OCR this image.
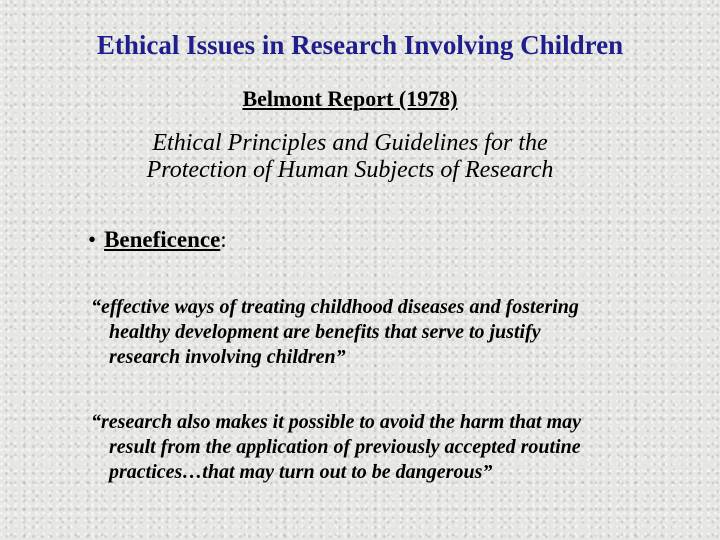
Ethical Issues in Research Involving Children
Belmont Report (1978)

Ethical Principles and Guidelines for the
Protection of Human Subjects of Research

• Beneficence:

“effective ways of treating childhood diseases and fostering
healthy development are benefits that serve to justify
research involving children”

“research also makes it possible to avoid the harm that may
result from the application of previously accepted routine
practices…that may turn out to be dangerous”
